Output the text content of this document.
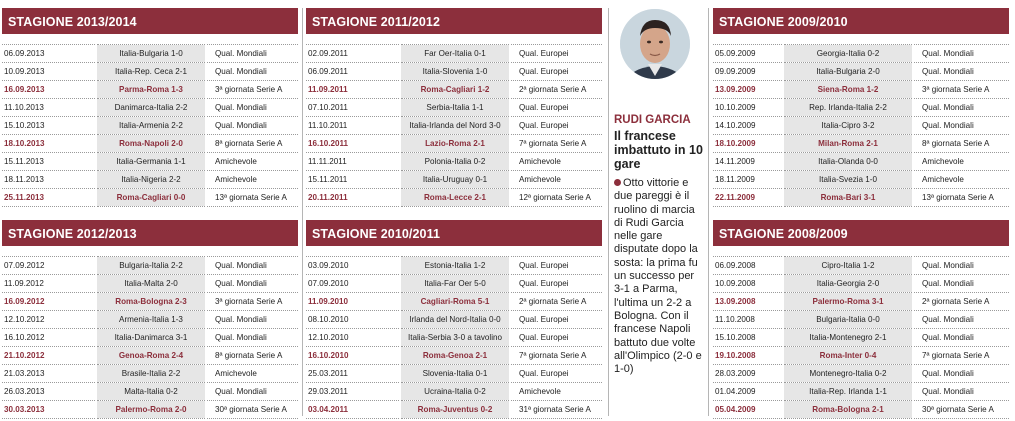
STAGIONE 2013/2014
06.09.2013	Italia-Bulgaria 1-0	Qual. Mondiali
10.09.2013	Italia-Rep. Ceca 2-1	Qual. Mondiali
16.09.2013	Parma-Roma 1-3	3ª giornata Serie A
11.10.2013	Danimarca-Italia 2-2	Qual. Mondiali
15.10.2013	Italia-Armenia 2-2	Qual. Mondiali
18.10.2013	Roma-Napoli 2-0	8ª giornata Serie A
15.11.2013	Italia-Germania 1-1	Amichevole
18.11.2013	Italia-Nigeria 2-2	Amichevole
25.11.2013	Roma-Cagliari 0-0	13ª giornata Serie A
STAGIONE 2012/2013
07.09.2012	Bulgaria-Italia 2-2	Qual. Mondiali
11.09.2012	Italia-Malta 2-0	Qual. Mondiali
16.09.2012	Roma-Bologna 2-3	3ª giornata Serie A
12.10.2012	Armenia-Italia 1-3	Qual. Mondiali
16.10.2012	Italia-Danimarca 3-1	Qual. Mondiali
21.10.2012	Genoa-Roma 2-4	8ª giornata Serie A
21.03.2013	Brasile-Italia 2-2	Amichevole
26.03.2013	Malta-Italia 0-2	Qual. Mondiali
30.03.2013	Palermo-Roma 2-0	30ª giornata Serie A
STAGIONE 2011/2012
02.09.2011	Far Oer-Italia 0-1	Qual. Europei
06.09.2011	Italia-Slovenia 1-0	Qual. Europei
11.09.2011	Roma-Cagliari 1-2	2ª giornata Serie A
07.10.2011	Serbia-Italia 1-1	Qual. Europei
11.10.2011	Italia-Irlanda del Nord 3-0	Qual. Europei
16.10.2011	Lazio-Roma 2-1	7ª giornata Serie A
11.11.2011	Polonia-Italia 0-2	Amichevole
15.11.2011	Italia-Uruguay 0-1	Amichevole
20.11.2011	Roma-Lecce 2-1	12ª giornata Serie A
STAGIONE 2010/2011
03.09.2010	Estonia-Italia 1-2	Qual. Europei
07.09.2010	Italia-Far Oer 5-0	Qual. Europei
11.09.2010	Cagliari-Roma 5-1	2ª giornata Serie A
08.10.2010	Irlanda del Nord-Italia 0-0	Qual. Europei
12.10.2010	Italia-Serbia 3-0 a tavolino	Qual. Europei
16.10.2010	Roma-Genoa 2-1	7ª giornata Serie A
25.03.2011	Slovenia-Italia 0-1	Qual. Europei
29.03.2011	Ucraina-Italia 0-2	Amichevole
03.04.2011	Roma-Juventus 0-2	31ª giornata Serie A
RUDI GARCIA
Il francese imbattuto in 10 gare
Otto vittorie e due pareggi è il ruolino di marcia di Rudi Garcia nelle gare disputate dopo la sosta: la prima fu un successo per 3-1 a Parma, l'ultima un 2-2 a Bologna. Con il francese Napoli battuto due volte all'Olimpico (2-0 e 1-0)
STAGIONE 2009/2010
05.09.2009	Georgia-Italia 0-2	Qual. Mondiali
09.09.2009	Italia-Bulgaria 2-0	Qual. Mondiali
13.09.2009	Siena-Roma 1-2	3ª giornata Serie A
10.10.2009	Rep. Irlanda-Italia 2-2	Qual. Mondiali
14.10.2009	Italia-Cipro 3-2	Qual. Mondiali
18.10.2009	Milan-Roma 2-1	8ª giornata Serie A
14.11.2009	Italia-Olanda 0-0	Amichevole
18.11.2009	Italia-Svezia 1-0	Amichevole
22.11.2009	Roma-Bari 3-1	13ª giornata Serie A
STAGIONE 2008/2009
06.09.2008	Cipro-Italia 1-2	Qual. Mondiali
10.09.2008	Italia-Georgia 2-0	Qual. Mondiali
13.09.2008	Palermo-Roma 3-1	2ª giornata Serie A
11.10.2008	Bulgaria-Italia 0-0	Qual. Mondiali
15.10.2008	Italia-Montenegro 2-1	Qual. Mondiali
19.10.2008	Roma-Inter 0-4	7ª giornata Serie A
28.03.2009	Montenegro-Italia 0-2	Qual. Mondiali
01.04.2009	Italia-Rep. Irlanda 1-1	Qual. Mondiali
05.04.2009	Roma-Bologna 2-1	30ª giornata Serie A
